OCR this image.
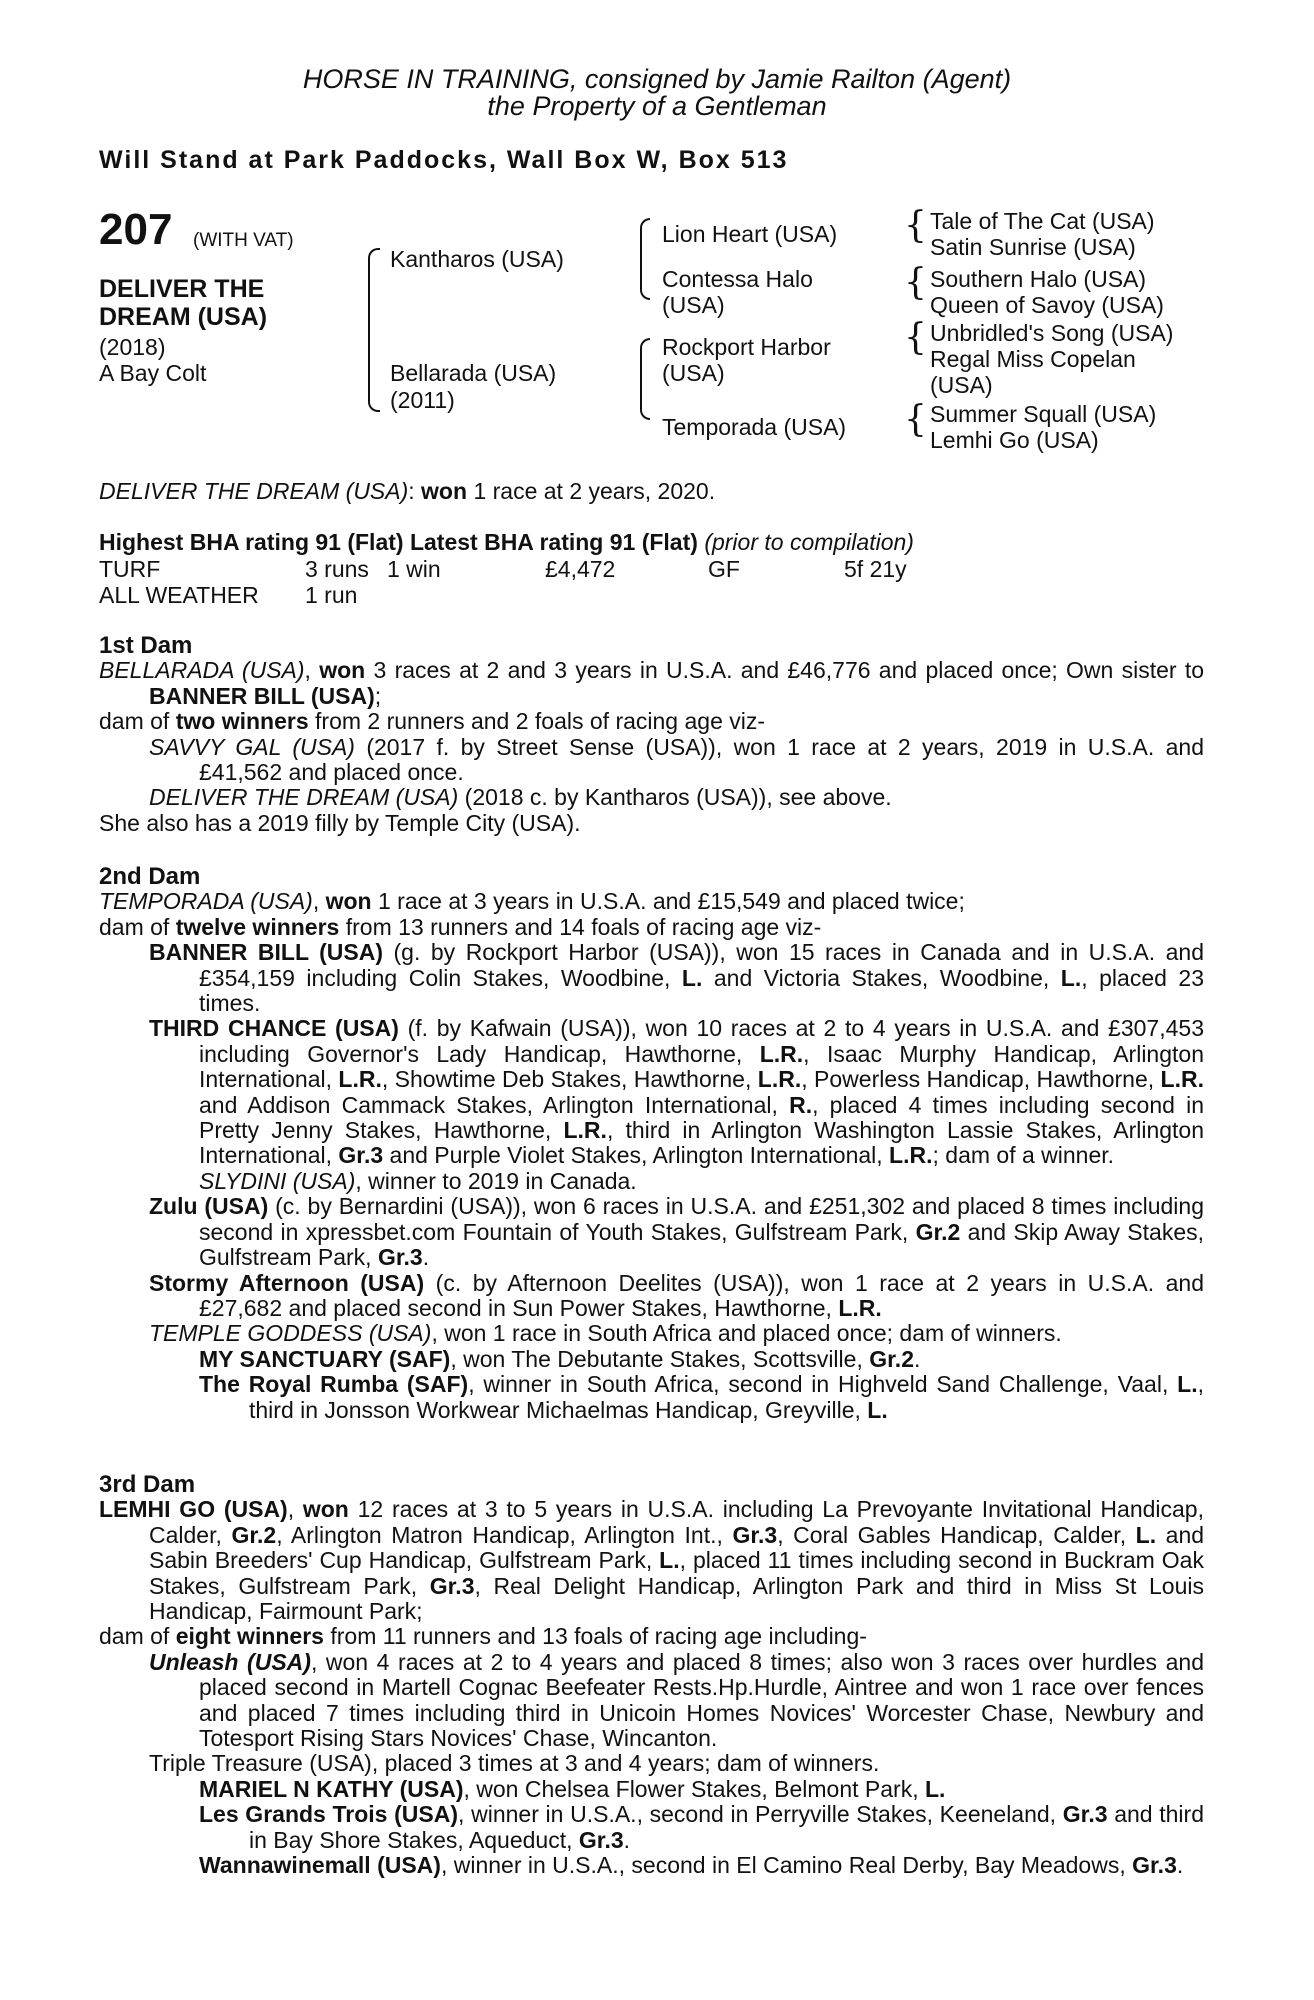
HORSE IN TRAINING, consigned by Jamie Railton (Agent)
the Property of a Gentleman
Will Stand at Park Paddocks, Wall Box W, Box 513
207 (WITH VAT)
DELIVER THE
DREAM (USA)
(2018)
A Bay Colt
Kantharos (USA)
Bellarada (USA)
(2011)
Lion Heart (USA)
Contessa Halo
(USA)
Rockport Harbor
(USA)
Temporada (USA)
{ Tale of The Cat (USA)
Satin Sunrise (USA)
{ Southern Halo (USA)
Queen of Savoy (USA)
{ Unbridled's Song (USA)
Regal Miss Copelan
(USA)
{ Summer Squall (USA)
Lemhi Go (USA)

DELIVER THE DREAM (USA): won 1 race at 2 years, 2020.

Highest BHA rating 91 (Flat) Latest BHA rating 91 (Flat) (prior to compilation)

TURF	3 runs 1 win	£4,472	GF	5f 21y
ALL WEATHER 1 run

1st Dam

BELLARADA (USA), won 3 races at 2 and 3 years in U.S.A. and £46,776 and placed once; Own sister to BANNER BILL (USA);

dam of two winners from 2 runners and 2 foals of racing age viz-

SAVVY GAL (USA) (2017 f. by Street Sense (USA)), won 1 race at 2 years, 2019 in U.S.A. and £41,562 and placed once.

DELIVER THE DREAM (USA) (2018 c. by Kantharos (USA)), see above.

She also has a 2019 filly by Temple City (USA).

2nd Dam

TEMPORADA (USA), won 1 race at 3 years in U.S.A. and £15,549 and placed twice;

dam of twelve winners from 13 runners and 14 foals of racing age viz-

BANNER BILL (USA) (g. by Rockport Harbor (USA)), won 15 races in Canada and in U.S.A. and £354,159 including Colin Stakes, Woodbine, L. and Victoria Stakes, Woodbine, L., placed 23 times.

THIRD CHANCE (USA) (f. by Kafwain (USA)), won 10 races at 2 to 4 years in U.S.A. and £307,453 including Governor's Lady Handicap, Hawthorne, L.R., Isaac Murphy Handicap, Arlington International, L.R., Showtime Deb Stakes, Hawthorne, L.R., Powerless Handicap, Hawthorne, L.R. and Addison Cammack Stakes, Arlington International, R., placed 4 times including second in Pretty Jenny Stakes, Hawthorne, L.R., third in Arlington Washington Lassie Stakes, Arlington International, Gr.3 and Purple Violet Stakes, Arlington International, L.R.; dam of a winner.

SLYDINI (USA), winner to 2019 in Canada.

Zulu (USA) (c. by Bernardini (USA)), won 6 races in U.S.A. and £251,302 and placed 8 times including second in xpressbet.com Fountain of Youth Stakes, Gulfstream Park, Gr.2 and Skip Away Stakes, Gulfstream Park, Gr.3.

Stormy Afternoon (USA) (c. by Afternoon Deelites (USA)), won 1 race at 2 years in U.S.A. and £27,682 and placed second in Sun Power Stakes, Hawthorne, L.R.

TEMPLE GODDESS (USA), won 1 race in South Africa and placed once; dam of winners.

MY SANCTUARY (SAF), won The Debutante Stakes, Scottsville, Gr.2.

The Royal Rumba (SAF), winner in South Africa, second in Highveld Sand Challenge, Vaal, L., third in Jonsson Workwear Michaelmas Handicap, Greyville, L.

3rd Dam

LEMHI GO (USA), won 12 races at 3 to 5 years in U.S.A. including La Prevoyante Invitational Handicap, Calder, Gr.2, Arlington Matron Handicap, Arlington Int., Gr.3, Coral Gables Handicap, Calder, L. and Sabin Breeders' Cup Handicap, Gulfstream Park, L., placed 11 times including second in Buckram Oak Stakes, Gulfstream Park, Gr.3, Real Delight Handicap, Arlington Park and third in Miss St Louis Handicap, Fairmount Park;

dam of eight winners from 11 runners and 13 foals of racing age including-

Unleash (USA), won 4 races at 2 to 4 years and placed 8 times; also won 3 races over hurdles and placed second in Martell Cognac Beefeater Rests.Hp.Hurdle, Aintree and won 1 race over fences and placed 7 times including third in Unicoin Homes Novices' Worcester Chase, Newbury and Totesport Rising Stars Novices' Chase, Wincanton.

Triple Treasure (USA), placed 3 times at 3 and 4 years; dam of winners.

MARIEL N KATHY (USA), won Chelsea Flower Stakes, Belmont Park, L.

Les Grands Trois (USA), winner in U.S.A., second in Perryville Stakes, Keeneland, Gr.3 and third in Bay Shore Stakes, Aqueduct, Gr.3.

Wannawinemall (USA), winner in U.S.A., second in El Camino Real Derby, Bay Meadows, Gr.3.
